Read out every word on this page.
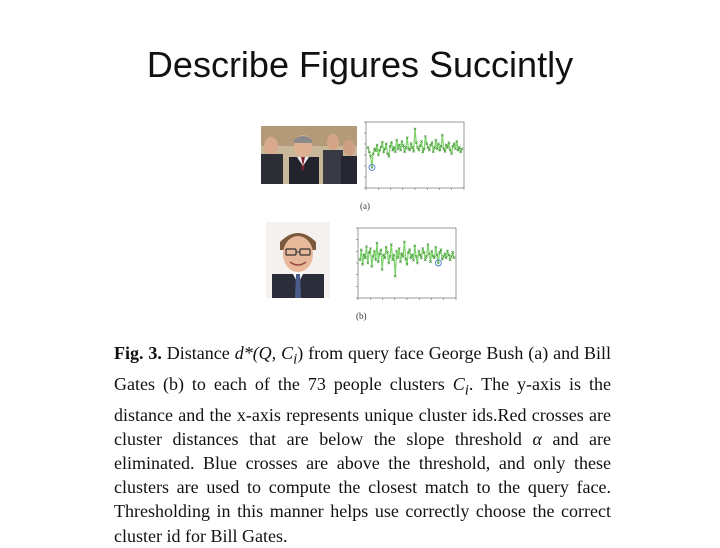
Describe Figures Succintly
(a)
(b)
Fig. 3. Distance d*(Q, $C_i$) from query face George Bush (a) and Bill Gates (b) to each of the 73 people clusters $C_i$. The y-axis is the distance and the x-axis represents unique cluster ids.Red crosses are cluster distances that are below the slope threshold α and are eliminated. Blue crosses are above the threshold, and only these clusters are used to compute the closest match to the query face. Thresholding in this manner helps use correctly choose the correct cluster id for Bill Gates.
